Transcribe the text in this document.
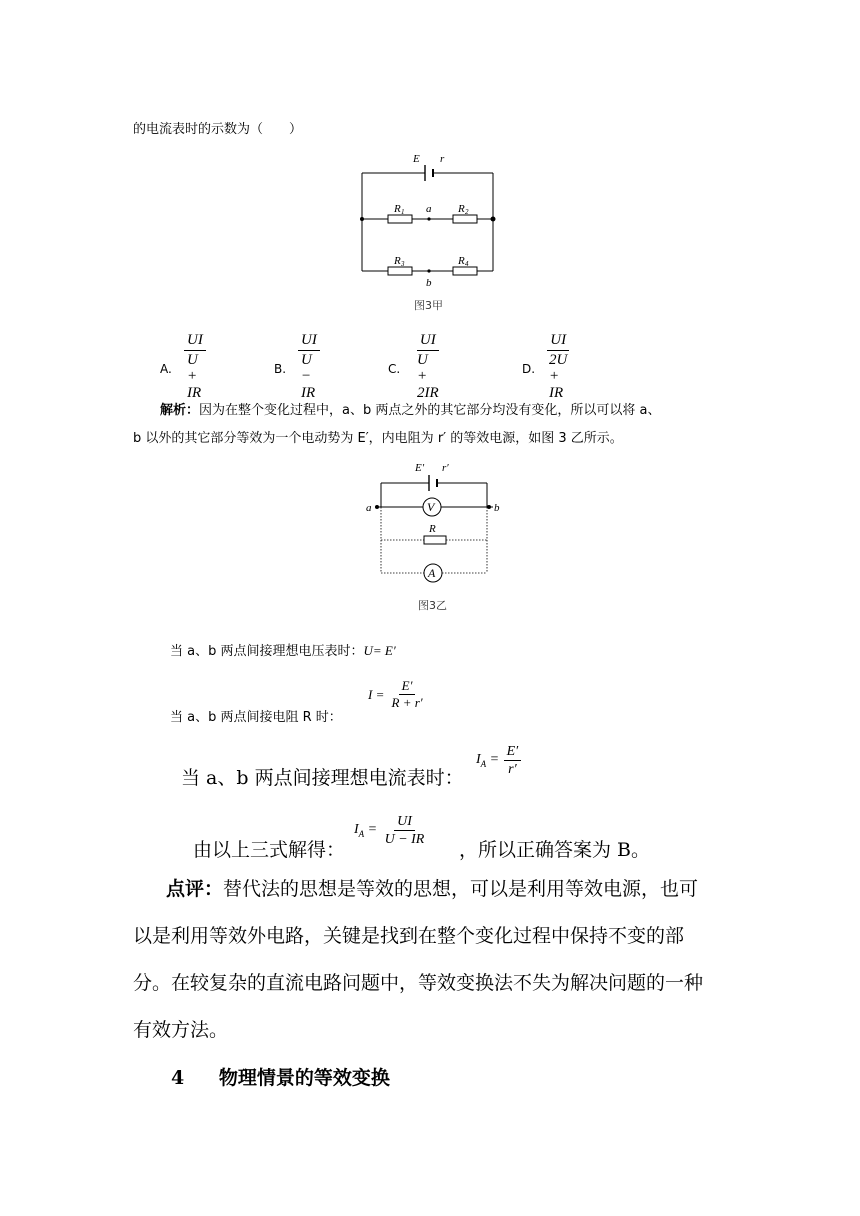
的电流表时的示数为（　　）
E r
R 1 a R 2
R 3	R 4
b
图3甲
A. $\frac{UI}{U + IR}$	B. $\frac{UI}{U - IR}$	C. $\frac{UI}{U + 2IR}$	D. $\frac{UI}{2U + IR}$
解析：因为在整个变化过程中，a、b 两点之外的其它部分均没有变化，所以可以将 a、b 以外的其它部分等效为一个电动势为 E′，内电阻为 r′ 的等效电源，如图 3 乙所示。
E′ r′
a	b
V
R
A
图3乙
当 a、b 两点间接理想电压表时：U= E′
当 a、b 两点间接电阻 R 时：
$I = \frac{E'}{R + r'}$
当 a、b 两点间接理想电流表时：
$I_A = \frac{E'}{r'}$
由以上三式解得：
$I_A = \frac{UI}{U - IR}$
，所以正确答案为 B。
点评：替代法的思想是等效的思想，可以是利用等效电源，也可以是利用等效外电路，关键是找到在整个变化过程中保持不变的部分。在较复杂的直流电路问题中，等效变换法不失为解决问题的一种有效方法。
4 物理情景的等效变换
